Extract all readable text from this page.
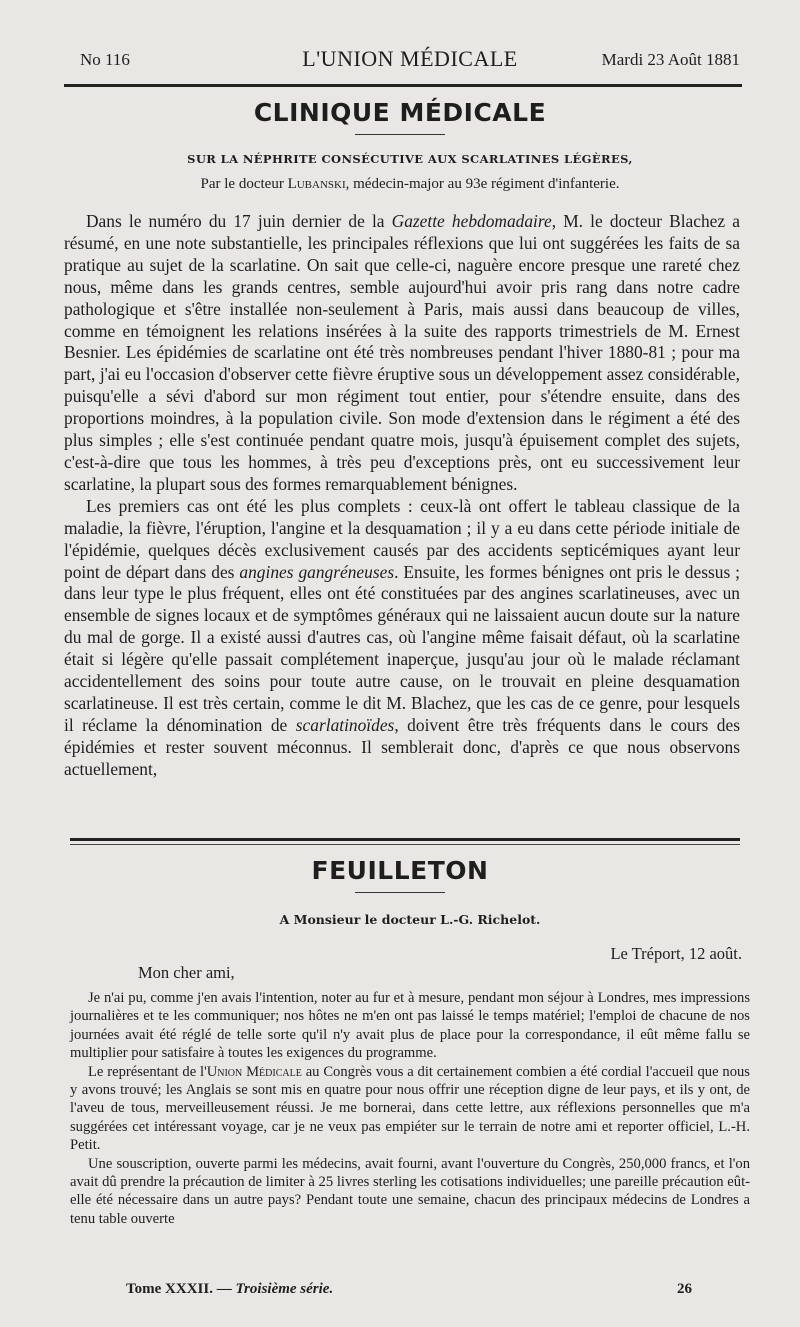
No 116	L'UNION MÉDICALE	Mardi 23 Août 1881
CLINIQUE MÉDICALE
SUR LA NÉPHRITE CONSÉCUTIVE AUX SCARLATINES LÉGÈRES,
Par le docteur Lubanski, médecin-major au 93e régiment d'infanterie.

Dans le numéro du 17 juin dernier de la Gazette hebdomadaire, M. le docteur Blachez a résumé, en une note substantielle, les principales réflexions que lui ont suggérées les faits de sa pratique au sujet de la scarlatine. On sait que celle-ci, naguère encore presque une rareté chez nous, même dans les grands centres, semble aujourd'hui avoir pris rang dans notre cadre pathologique et s'être installée non-seulement à Paris, mais aussi dans beaucoup de villes, comme en témoignent les relations insérées à la suite des rapports trimestriels de M. Ernest Besnier. Les épidémies de scarlatine ont été très nombreuses pendant l'hiver 1880-81 ; pour ma part, j'ai eu l'occasion d'observer cette fièvre éruptive sous un développement assez considérable, puisqu'elle a sévi d'abord sur mon régiment tout entier, pour s'étendre ensuite, dans des proportions moindres, à la population civile. Son mode d'extension dans le régiment a été des plus simples ; elle s'est continuée pendant quatre mois, jusqu'à épuisement complet des sujets, c'est-à-dire que tous les hommes, à très peu d'exceptions près, ont eu successivement leur scarlatine, la plupart sous des formes remarquablement bénignes.

Les premiers cas ont été les plus complets : ceux-là ont offert le tableau classique de la maladie, la fièvre, l'éruption, l'angine et la desquamation ; il y a eu dans cette période initiale de l'épidémie, quelques décès exclusivement causés par des accidents septicémiques ayant leur point de départ dans des angines gangréneuses. Ensuite, les formes bénignes ont pris le dessus ; dans leur type le plus fréquent, elles ont été constituées par des angines scarlatineuses, avec un ensemble de signes locaux et de symptômes généraux qui ne laissaient aucun doute sur la nature du mal de gorge. Il a existé aussi d'autres cas, où l'angine même faisait défaut, où la scarlatine était si légère qu'elle passait complétement inaperçue, jusqu'au jour où le malade réclamant accidentellement des soins pour toute autre cause, on le trouvait en pleine desquamation scarlatineuse. Il est très certain, comme le dit M. Blachez, que les cas de ce genre, pour lesquels il réclame la dénomination de scarlatinoïdes, doivent être très fréquents dans le cours des épidémies et rester souvent méconnus. Il semblerait donc, d'après ce que nous observons actuellement,

FEUILLETON
A Monsieur le docteur L.-G. Richelot.
Le Tréport, 12 août.
Mon cher ami,

Je n'ai pu, comme j'en avais l'intention, noter au fur et à mesure, pendant mon séjour à Londres, mes impressions journalières et te les communiquer; nos hôtes ne m'en ont pas laissé le temps matériel; l'emploi de chacune de nos journées avait été réglé de telle sorte qu'il n'y avait plus de place pour la correspondance, il eût même fallu se multiplier pour satisfaire à toutes les exigences du programme.

Le représentant de l'Union Médicale au Congrès vous a dit certainement combien a été cordial l'accueil que nous y avons trouvé; les Anglais se sont mis en quatre pour nous offrir une réception digne de leur pays, et ils y ont, de l'aveu de tous, merveilleusement réussi. Je me bornerai, dans cette lettre, aux réflexions personnelles que m'a suggérées cet intéressant voyage, car je ne veux pas empiéter sur le terrain de notre ami et reporter officiel, L.-H. Petit.

Une souscription, ouverte parmi les médecins, avait fourni, avant l'ouverture du Congrès, 250,000 francs, et l'on avait dû prendre la précaution de limiter à 25 livres sterling les cotisations individuelles; une pareille précaution eût-elle été nécessaire dans un autre pays? Pendant toute une semaine, chacun des principaux médecins de Londres a tenu table ouverte

Tome XXXII. — Troisième série.	26
